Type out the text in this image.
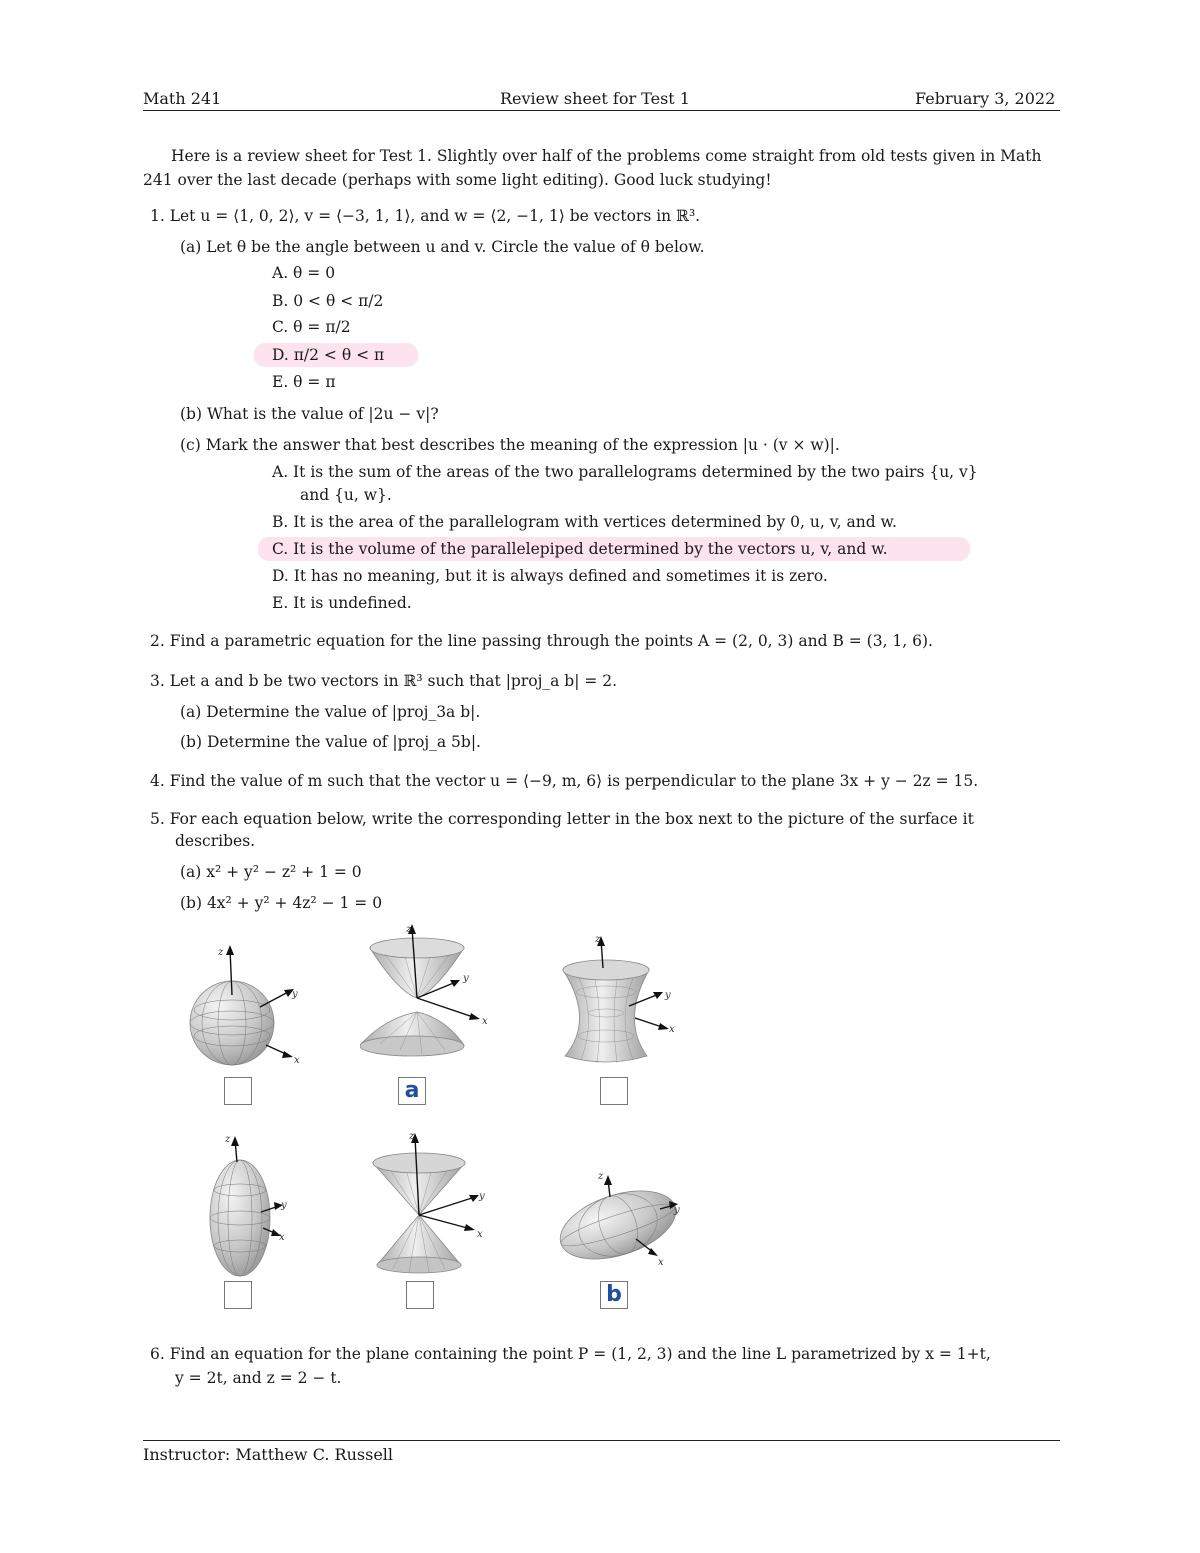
Math 241	Review sheet for Test 1	February 3, 2022
Here is a review sheet for Test 1. Slightly over half of the problems come straight from old tests given in Math 241 over the last decade (perhaps with some light editing). Good luck studying!
1. Let u = ⟨1, 0, 2⟩, v = ⟨−3, 1, 1⟩, and w = ⟨2, −1, 1⟩ be vectors in ℝ³.
(a) Let θ be the angle between u and v. Circle the value of θ below.
A. θ = 0
B. 0 < θ < π/2
C. θ = π/2
D. π/2 < θ < π
E. θ = π
(b) What is the value of |2u − v|?
(c) Mark the answer that best describes the meaning of the expression |u · (v × w)|.
A. It is the sum of the areas of the two parallelograms determined by the two pairs {u, v}
and {u, w}.
B. It is the area of the parallelogram with vertices determined by 0, u, v, and w.
C. It is the volume of the parallelepiped determined by the vectors u, v, and w.
D. It has no meaning, but it is always defined and sometimes it is zero.
E. It is undefined.
2. Find a parametric equation for the line passing through the points A = (2, 0, 3) and B = (3, 1, 6).
3. Let a and b be two vectors in ℝ³ such that |proj_a b| = 2.
(a) Determine the value of |proj_3a b|.
(b) Determine the value of |proj_a 5b|.
4. Find the value of m such that the vector u = ⟨−9, m, 6⟩ is perpendicular to the plane 3x + y − 2z = 15.
5. For each equation below, write the corresponding letter in the box next to the picture of the surface it
describes.
(a) x² + y² − z² + 1 = 0
(b) 4x² + y² + 4z² − 1 = 0
z
y
x
z
y
x
a
z
y
x
z
y
x
z
y
x
z
y
x
b
6. Find an equation for the plane containing the point P = (1, 2, 3) and the line L parametrized by x = 1+t,
y = 2t, and z = 2 − t.
Instructor: Matthew C. Russell
